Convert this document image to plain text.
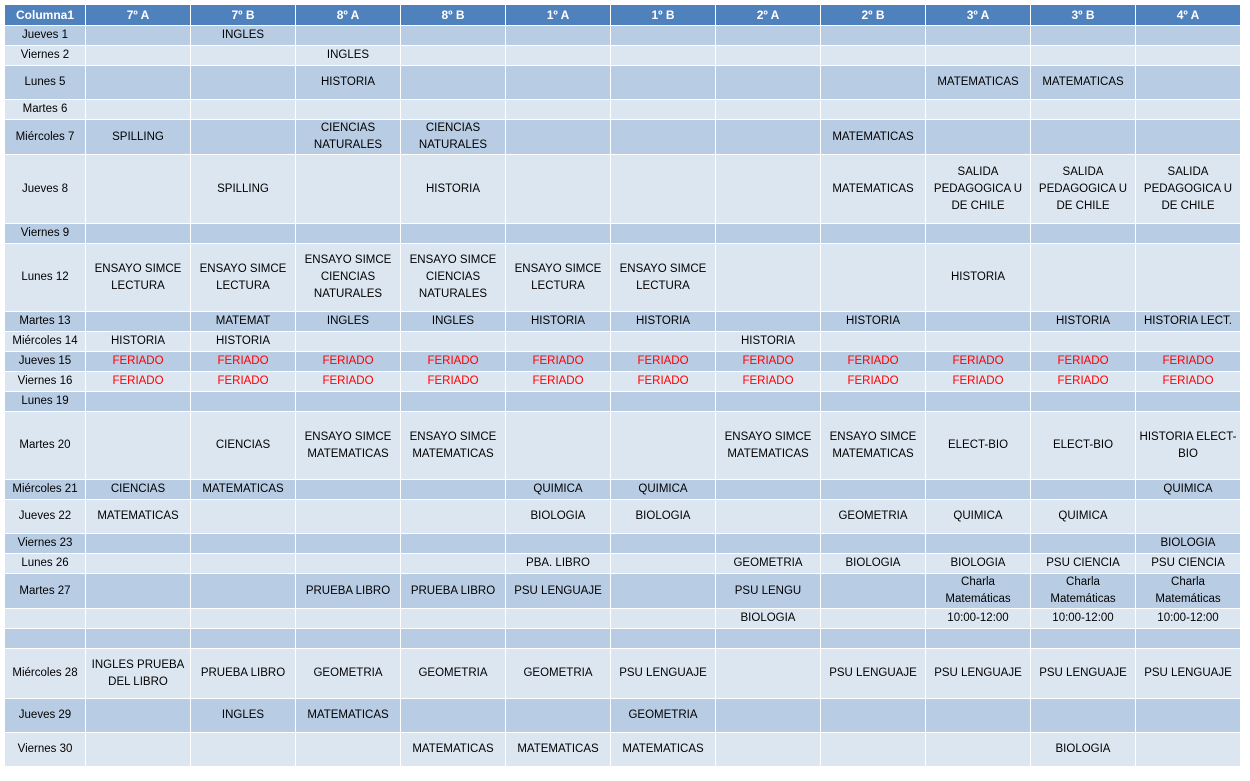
Columna1	7º A	7º B	8º A	8º B	1º A	1º B	2º A	2º B	3º A	3º B	4º A
Jueves 1		INGLES									
Viernes 2			INGLES								
Lunes 5			HISTORIA						MATEMATICAS	MATEMATICAS	
Martes 6											
Miércoles 7	SPILLING		CIENCIAS NATURALES	CIENCIAS NATURALES				MATEMATICAS			
Jueves 8		SPILLING		HISTORIA				MATEMATICAS	SALIDA PEDAGOGICA U DE CHILE	SALIDA PEDAGOGICA U DE CHILE	SALIDA PEDAGOGICA U DE CHILE
Viernes 9											
Lunes 12	ENSAYO SIMCE LECTURA	ENSAYO SIMCE LECTURA	ENSAYO SIMCE CIENCIAS NATURALES	ENSAYO SIMCE CIENCIAS NATURALES	ENSAYO SIMCE LECTURA	ENSAYO SIMCE LECTURA			HISTORIA		
Martes 13		MATEMAT	INGLES	INGLES	HISTORIA	HISTORIA		HISTORIA		HISTORIA	HISTORIA LECT.
Miércoles 14	HISTORIA	HISTORIA					HISTORIA				
Jueves 15	FERIADO	FERIADO	FERIADO	FERIADO	FERIADO	FERIADO	FERIADO	FERIADO	FERIADO	FERIADO	FERIADO
Viernes 16	FERIADO	FERIADO	FERIADO	FERIADO	FERIADO	FERIADO	FERIADO	FERIADO	FERIADO	FERIADO	FERIADO
Lunes 19											
Martes 20		CIENCIAS	ENSAYO SIMCE MATEMATICAS	ENSAYO SIMCE MATEMATICAS			ENSAYO SIMCE MATEMATICAS	ENSAYO SIMCE MATEMATICAS	ELECT-BIO	ELECT-BIO	HISTORIA ELECT-BIO
Miércoles 21	CIENCIAS	MATEMATICAS			QUIMICA	QUIMICA					QUIMICA
Jueves 22	MATEMATICAS				BIOLOGIA	BIOLOGIA		GEOMETRIA	QUIMICA	QUIMICA	
Viernes 23											BIOLOGIA
Lunes 26					PBA. LIBRO		GEOMETRIA	BIOLOGIA	BIOLOGIA	PSU CIENCIA	PSU CIENCIA
Martes 27			PRUEBA LIBRO	PRUEBA LIBRO	PSU LENGUAJE		PSU LENGU		Charla Matemáticas	Charla Matemáticas	Charla Matemáticas
							BIOLOGIA		10:00-12:00	10:00-12:00	10:00-12:00

Miércoles 28	INGLES PRUEBA DEL LIBRO	PRUEBA LIBRO	GEOMETRIA	GEOMETRIA	GEOMETRIA	PSU LENGUAJE		PSU LENGUAJE	PSU LENGUAJE	PSU LENGUAJE	PSU LENGUAJE
Jueves 29		INGLES	MATEMATICAS			GEOMETRIA					
Viernes 30				MATEMATICAS	MATEMATICAS	MATEMATICAS				BIOLOGIA	
